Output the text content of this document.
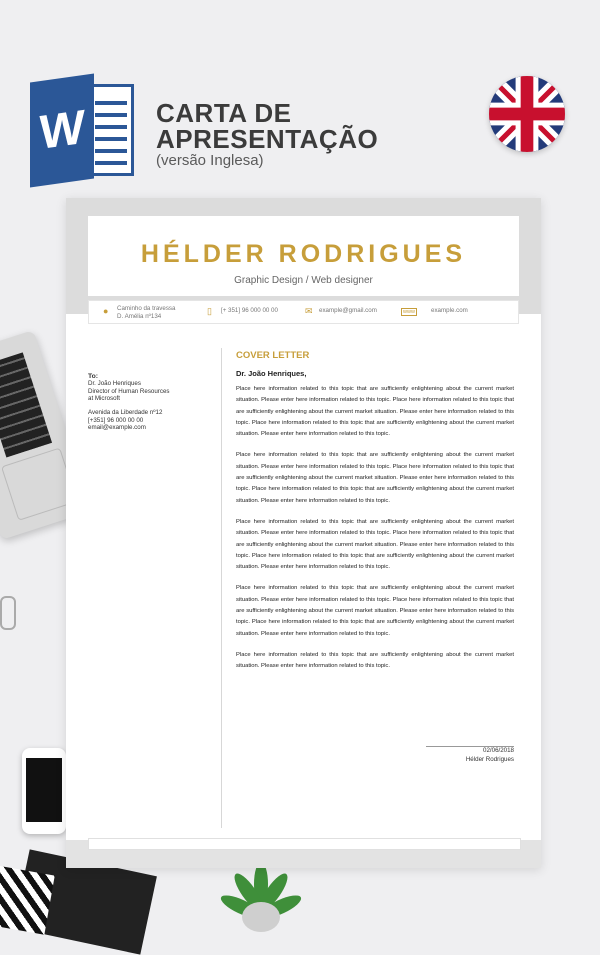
W	CARTA DE
APRESENTAÇÃO
(versão Inglesa)
HÉLDER RODRIGUES
Graphic Design / Web designer
● Caminho da travessa
D. Amélia nº134
▯ [+ 351] 96 000 00 00	✉ example@gmail.com	www	example.com
To:
Dr. João Henriques
Director of Human Resources
at Microsoft

Avenida da Liberdade nº12
[+351] 96 000 00 00
email@example.com
COVER LETTER
Dr. João Henriques,
Place here information related to this topic that are sufficiently enlightening about the current market situation. Please enter here information related to this topic. Place here information related to this topic that are sufficiently enlightening about the current market situation. Please enter here information related to this topic. Place here information related to this topic that are sufficiently enlightening about the current market situation. Please enter here information related to this topic.
Place here information related to this topic that are sufficiently enlightening about the current market situation. Please enter here information related to this topic. Place here information related to this topic that are sufficiently enlightening about the current market situation. Please enter here information related to this topic. Place here information related to this topic that are sufficiently enlightening about the current market situation. Please enter here information related to this topic.
Place here information related to this topic that are sufficiently enlightening about the current market situation. Please enter here information related to this topic. Place here information related to this topic that are sufficiently enlightening about the current market situation. Please enter here information related to this topic. Place here information related to this topic that are sufficiently enlightening about the current market situation. Please enter here information related to this topic.
Place here information related to this topic that are sufficiently enlightening about the current market situation. Please enter here information related to this topic. Place here information related to this topic that are sufficiently enlightening about the current market situation. Please enter here information related to this topic. Place here information related to this topic that are sufficiently enlightening about the current market situation. Please enter here information related to this topic.
Place here information related to this topic that are sufficiently enlightening about the current market situation. Please enter here information related to this topic.
02/06/2018
Hélder Rodrigues
